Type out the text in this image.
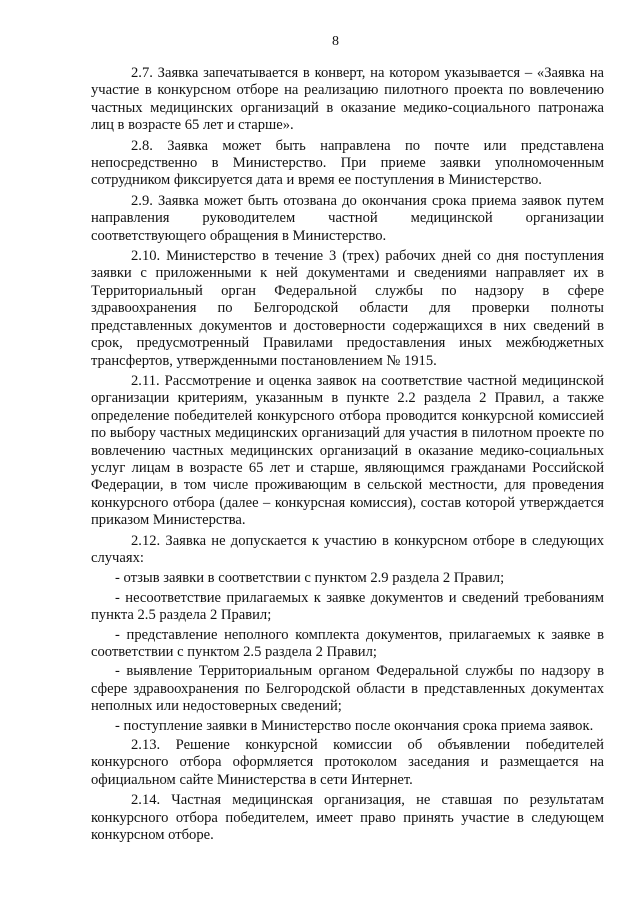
8

2.7. Заявка запечатывается в конверт, на котором указывается – «Заявка на участие в конкурсном отборе на реализацию пилотного проекта по вовлечению частных медицинских организаций в оказание медико-социального патронажа лиц в возрасте 65 лет и старше».

2.8. Заявка может быть направлена по почте или представлена непосредственно в Министерство. При приеме заявки уполномоченным сотрудником фиксируется дата и время ее поступления в Министерство.

2.9. Заявка может быть отозвана до окончания срока приема заявок путем направления руководителем частной медицинской организации соответствующего обращения в Министерство.

2.10. Министерство в течение 3 (трех) рабочих дней со дня поступления заявки с приложенными к ней документами и сведениями направляет их в Территориальный орган Федеральной службы по надзору в сфере здравоохранения по Белгородской области для проверки полноты представленных документов и достоверности содержащихся в них сведений в срок, предусмотренный Правилами предоставления иных межбюджетных трансфертов, утвержденными постановлением № 1915.

2.11. Рассмотрение и оценка заявок на соответствие частной медицинской организации критериям, указанным в пункте 2.2 раздела 2 Правил, а также определение победителей конкурсного отбора проводится конкурсной комиссией по выбору частных медицинских организаций для участия в пилотном проекте по вовлечению частных медицинских организаций в оказание медико-социальных услуг лицам в возрасте 65 лет и старше, являющимся гражданами Российской Федерации, в том числе проживающим в сельской местности, для проведения конкурсного отбора (далее – конкурсная комиссия), состав которой утверждается приказом Министерства.

2.12. Заявка не допускается к участию в конкурсном отборе в следующих случаях:

- отзыв заявки в соответствии с пунктом 2.9 раздела 2 Правил;

- несоответствие прилагаемых к заявке документов и сведений требованиям пункта 2.5 раздела 2 Правил;

- представление неполного комплекта документов, прилагаемых к заявке в соответствии с пунктом 2.5 раздела 2 Правил;

- выявление Территориальным органом Федеральной службы по надзору в сфере здравоохранения по Белгородской области в представленных документах неполных или недостоверных сведений;

- поступление заявки в Министерство после окончания срока приема заявок.

2.13. Решение конкурсной комиссии об объявлении победителей конкурсного отбора оформляется протоколом заседания и размещается на официальном сайте Министерства в сети Интернет.

2.14. Частная медицинская организация, не ставшая по результатам конкурсного отбора победителем, имеет право принять участие в следующем конкурсном отборе.
